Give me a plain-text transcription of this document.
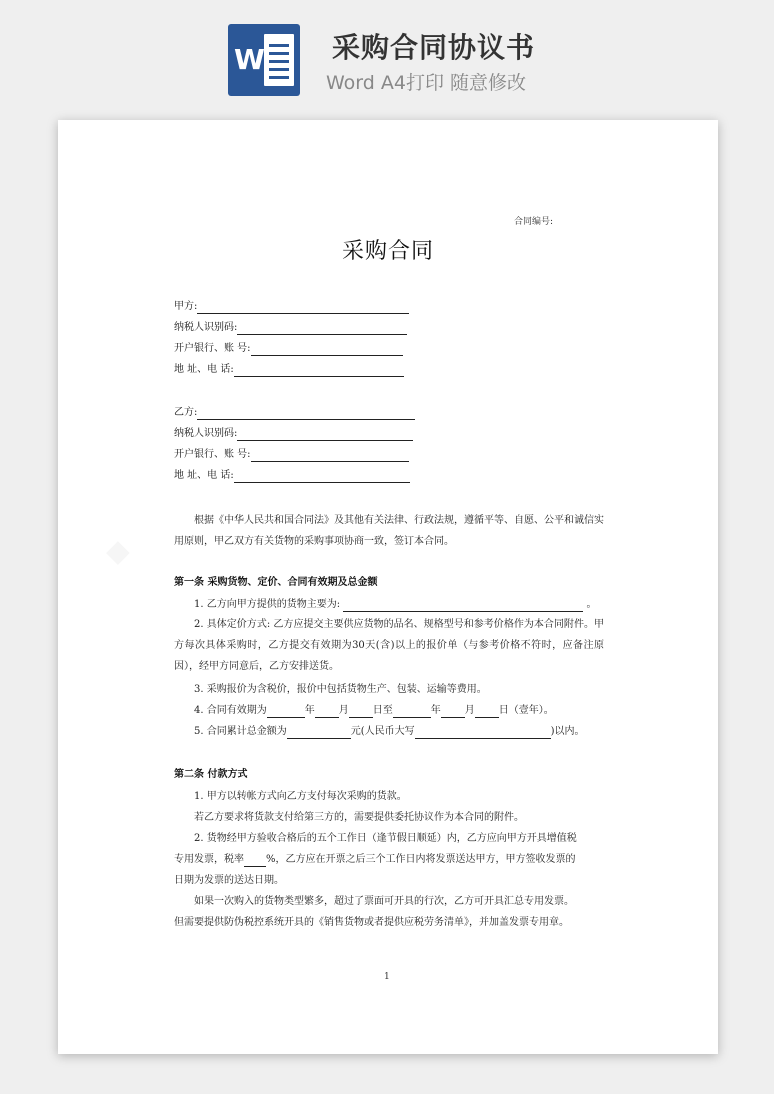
W 采购合同协议书
Word A4打印 随意修改
合同编号:
采购合同
甲方:
纳税人识别码:
开户银行、账 号:
地 址、电 话:
乙方:
纳税人识别码:
开户银行、账 号:
地 址、电 话:
根据《中华人民共和国合同法》及其他有关法律、行政法规，遵循平等、自愿、公平和诚信实用原则，甲乙双方有关货物的采购事项协商一致，签订本合同。
第一条 采购货物、定价、合同有效期及总金额
1. 乙方向甲方提供的货物主要为:	。
2. 具体定价方式: 乙方应提交主要供应货物的品名、规格型号和参考价格作为本合同附件。甲方每次具体采购时，乙方提交有效期为30天(含)以上的报价单（与参考价格不符时，应备注原因），经甲方同意后，乙方安排送货。
3. 采购报价为含税价，报价中包括货物生产、包装、运输等费用。
4. 合同有效期为	年 月 日至	年 月 日（壹年）。
5. 合同累计总金额为	元(人民币大写	)以内。
第二条 付款方式
1. 甲方以转帐方式向乙方支付每次采购的货款。
若乙方要求将货款支付给第三方的，需要提供委托协议作为本合同的附件。
2. 货物经甲方验收合格后的五个工作日（逢节假日顺延）内，乙方应向甲方开具增值税
专用发票，税率 %，乙方应在开票之后三个工作日内将发票送达甲方，甲方签收发票的
日期为发票的送达日期。
如果一次购入的货物类型繁多，超过了票面可开具的行次，乙方可开具汇总专用发票。
但需要提供防伪税控系统开具的《销售货物或者提供应税劳务清单》，并加盖发票专用章。
1
